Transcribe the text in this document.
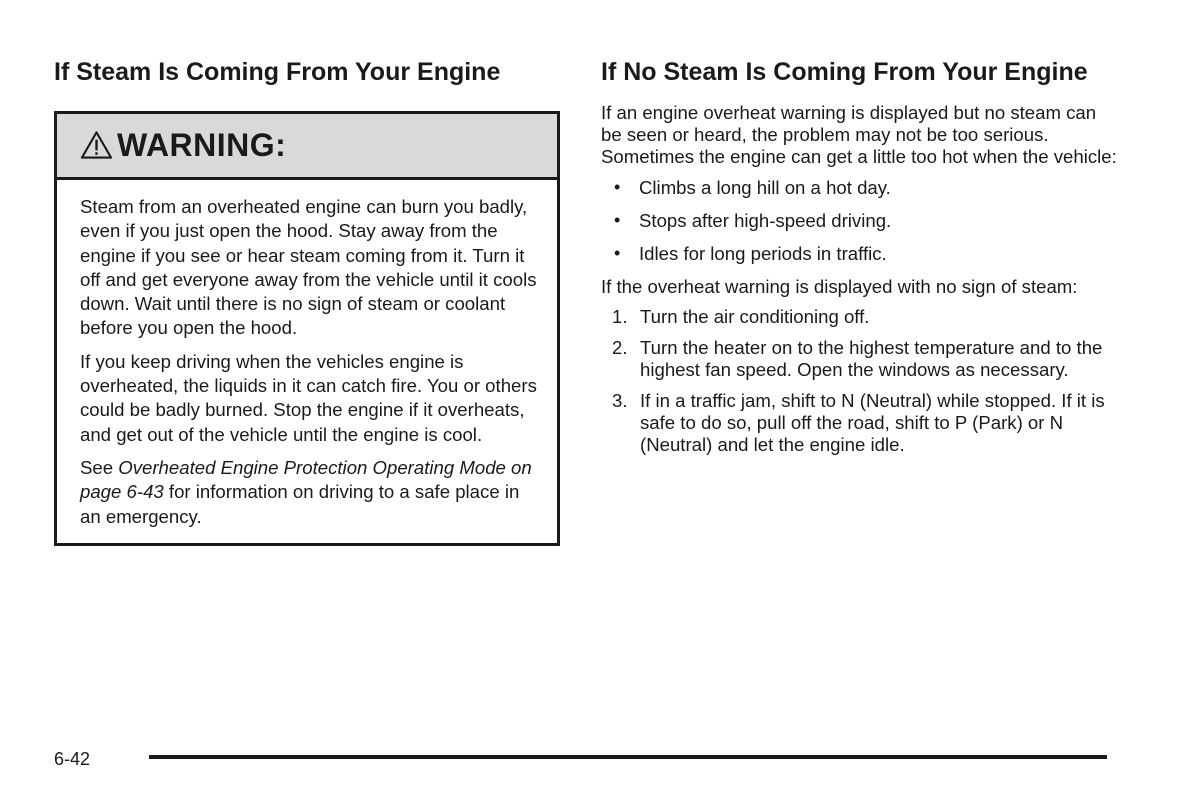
If Steam Is Coming From Your Engine
WARNING:

Steam from an overheated engine can burn you badly, even if you just open the hood. Stay away from the engine if you see or hear steam coming from it. Turn it off and get everyone away from the vehicle until it cools down. Wait until there is no sign of steam or coolant before you open the hood.

If you keep driving when the vehicles engine is overheated, the liquids in it can catch fire. You or others could be badly burned. Stop the engine if it overheats, and get out of the vehicle until the engine is cool.

See Overheated Engine Protection Operating Mode on page 6-43 for information on driving to a safe place in an emergency.

If No Steam Is Coming From Your Engine

If an engine overheat warning is displayed but no steam can be seen or heard, the problem may not be too serious. Sometimes the engine can get a little too hot when the vehicle:

• Climbs a long hill on a hot day.
• Stops after high-speed driving.
• Idles for long periods in traffic.

If the overheat warning is displayed with no sign of steam:

1. Turn the air conditioning off.
2. Turn the heater on to the highest temperature and to the highest fan speed. Open the windows as necessary.
3. If in a traffic jam, shift to N (Neutral) while stopped. If it is safe to do so, pull off the road, shift to P (Park) or N (Neutral) and let the engine idle.
6-42
